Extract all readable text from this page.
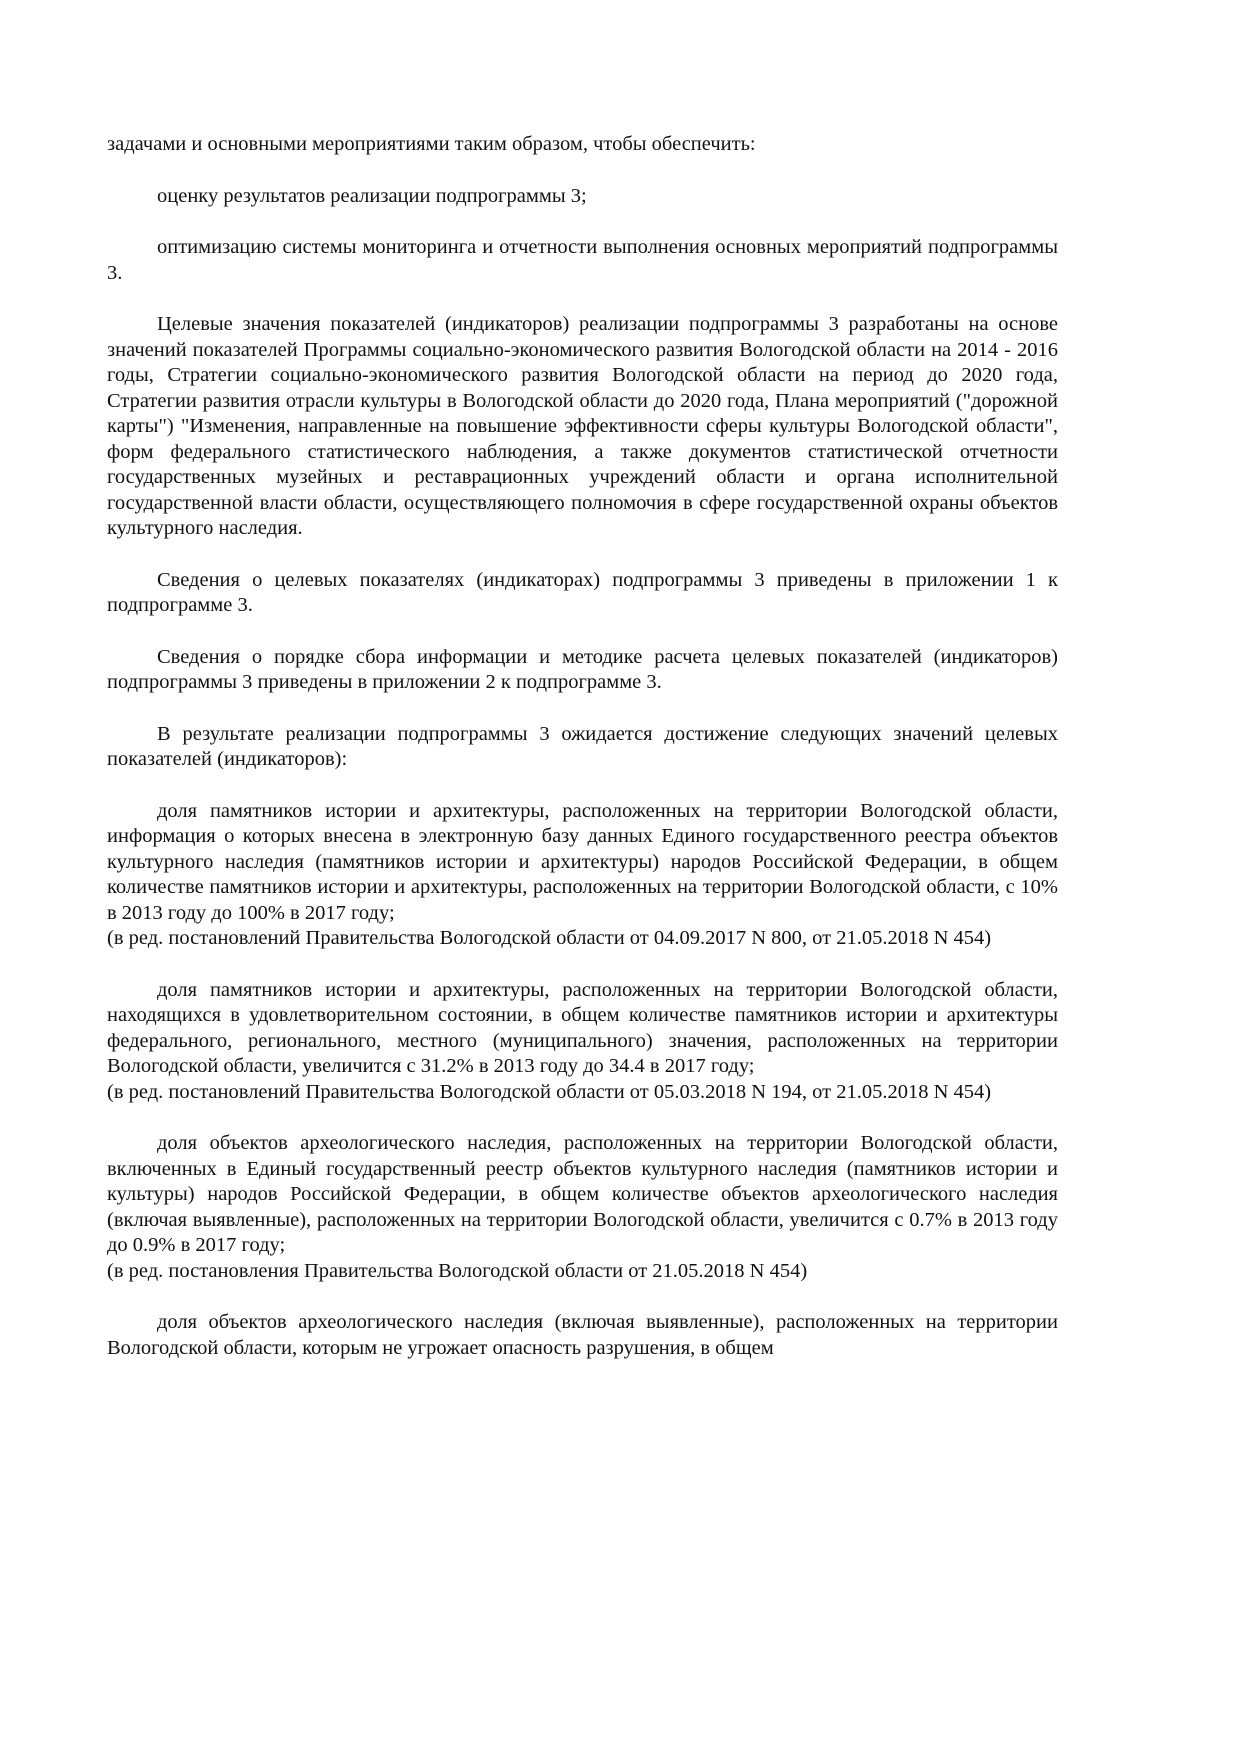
задачами и основными мероприятиями таким образом, чтобы обеспечить:

оценку результатов реализации подпрограммы 3;

оптимизацию системы мониторинга и отчетности выполнения основных мероприятий подпрограммы 3.

Целевые значения показателей (индикаторов) реализации подпрограммы 3 разработаны на основе значений показателей Программы социально-экономического развития Вологодской области на 2014 - 2016 годы, Стратегии социально-экономического развития Вологодской области на период до 2020 года, Стратегии развития отрасли культуры в Вологодской области до 2020 года, Плана мероприятий ("дорожной карты") "Изменения, направленные на повышение эффективности сферы культуры Вологодской области", форм федерального статистического наблюдения, а также документов статистической отчетности государственных музейных и реставрационных учреждений области и органа исполнительной государственной власти области, осуществляющего полномочия в сфере государственной охраны объектов культурного наследия.

Сведения о целевых показателях (индикаторах) подпрограммы 3 приведены в приложении 1 к подпрограмме 3.

Сведения о порядке сбора информации и методике расчета целевых показателей (индикаторов) подпрограммы 3 приведены в приложении 2 к подпрограмме 3.

В результате реализации подпрограммы 3 ожидается достижение следующих значений целевых показателей (индикаторов):

доля памятников истории и архитектуры, расположенных на территории Вологодской области, информация о которых внесена в электронную базу данных Единого государственного реестра объектов культурного наследия (памятников истории и архитектуры) народов Российской Федерации, в общем количестве памятников истории и архитектуры, расположенных на территории Вологодской области, с 10% в 2013 году до 100% в 2017 году;

(в ред. постановлений Правительства Вологодской области от 04.09.2017 N 800, от 21.05.2018 N 454)

доля памятников истории и архитектуры, расположенных на территории Вологодской области, находящихся в удовлетворительном состоянии, в общем количестве памятников истории и архитектуры федерального, регионального, местного (муниципального) значения, расположенных на территории Вологодской области, увеличится с 31.2% в 2013 году до 34.4 в 2017 году;

(в ред. постановлений Правительства Вологодской области от 05.03.2018 N 194, от 21.05.2018 N 454)

доля объектов археологического наследия, расположенных на территории Вологодской области, включенных в Единый государственный реестр объектов культурного наследия (памятников истории и культуры) народов Российской Федерации, в общем количестве объектов археологического наследия (включая выявленные), расположенных на территории Вологодской области, увеличится с 0.7% в 2013 году до 0.9% в 2017 году;

(в ред. постановления Правительства Вологодской области от 21.05.2018 N 454)

доля объектов археологического наследия (включая выявленные), расположенных на территории Вологодской области, которым не угрожает опасность разрушения, в общем
